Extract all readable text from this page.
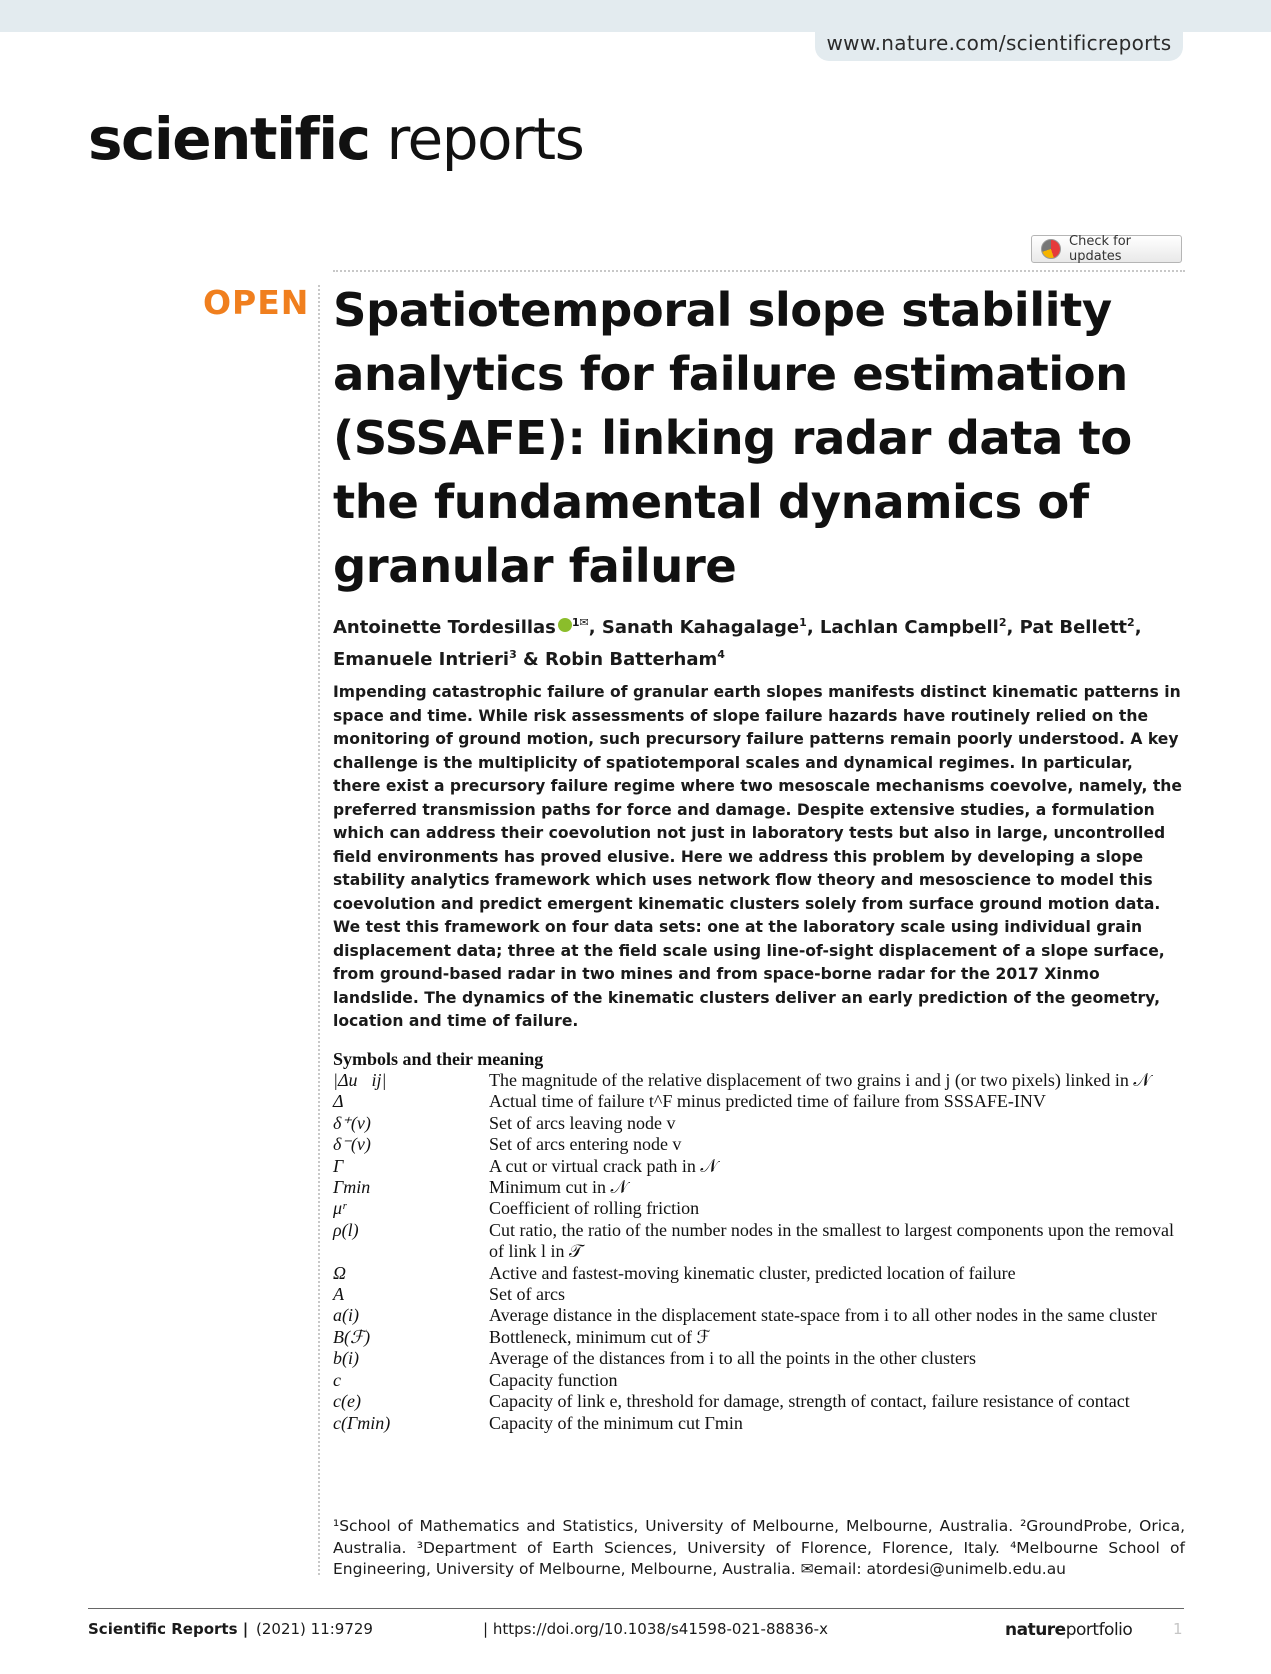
www.nature.com/scientificreports
scientific reports
Check for updates
OPEN Spatiotemporal slope stability analytics for failure estimation (SSSAFE): linking radar data to the fundamental dynamics of granular failure
Antoinette Tordesillas $^{1✉}$, Sanath Kahagalage$^1$, Lachlan Campbell$^2$, Pat Bellett$^2$, Emanuele Intrieri$^3$ & Robin Batterham$^4$

Impending catastrophic failure of granular earth slopes manifests distinct kinematic patterns in space and time. While risk assessments of slope failure hazards have routinely relied on the monitoring of ground motion, such precursory failure patterns remain poorly understood. A key challenge is the multiplicity of spatiotemporal scales and dynamical regimes. In particular, there exist a precursory failure regime where two mesoscale mechanisms coevolve, namely, the preferred transmission paths for force and damage. Despite extensive studies, a formulation which can address their coevolution not just in laboratory tests but also in large, uncontrolled field environments has proved elusive. Here we address this problem by developing a slope stability analytics framework which uses network flow theory and mesoscience to model this coevolution and predict emergent kinematic clusters solely from surface ground motion data. We test this framework on four data sets: one at the laboratory scale using individual grain displacement data; three at the field scale using line-of-sight displacement of a slope surface, from ground-based radar in two mines and from space-borne radar for the 2017 Xinmo landslide. The dynamics of the kinematic clusters deliver an early prediction of the geometry, location and time of failure.

Symbols and their meaning
|Δu⃗ij|	The magnitude of the relative displacement of two grains i and j (or two pixels) linked in 𝒩
Δ	Actual time of failure t^F minus predicted time of failure from SSSAFE-INV
δ⁺(v)	Set of arcs leaving node v
δ⁻(v)	Set of arcs entering node v
Γ	A cut or virtual crack path in 𝒩
Γmin	Minimum cut in 𝒩
μʳ	Coefficient of rolling friction
ρ(l)	Cut ratio, the ratio of the number nodes in the smallest to largest components upon the removal of link l in 𝒯
Ω	Active and fastest-moving kinematic cluster, predicted location of failure
A	Set of arcs
a(i)	Average distance in the displacement state-space from i to all other nodes in the same cluster
B(ℱ)	Bottleneck, minimum cut of ℱ
b(i)	Average of the distances from i to all the points in the other clusters
c	Capacity function
c(e)	Capacity of link e, threshold for damage, strength of contact, failure resistance of contact
c(Γmin)	Capacity of the minimum cut Γmin

¹School of Mathematics and Statistics, University of Melbourne, Melbourne, Australia. ²GroundProbe, Orica, Australia. ³Department of Earth Sciences, University of Florence, Florence, Italy. ⁴Melbourne School of Engineering, University of Melbourne, Melbourne, Australia. ✉email: atordesi@unimelb.edu.au

Scientific Reports | (2021) 11:9729	| https://doi.org/10.1038/s41598-021-88836-x	natureportfolio	1
